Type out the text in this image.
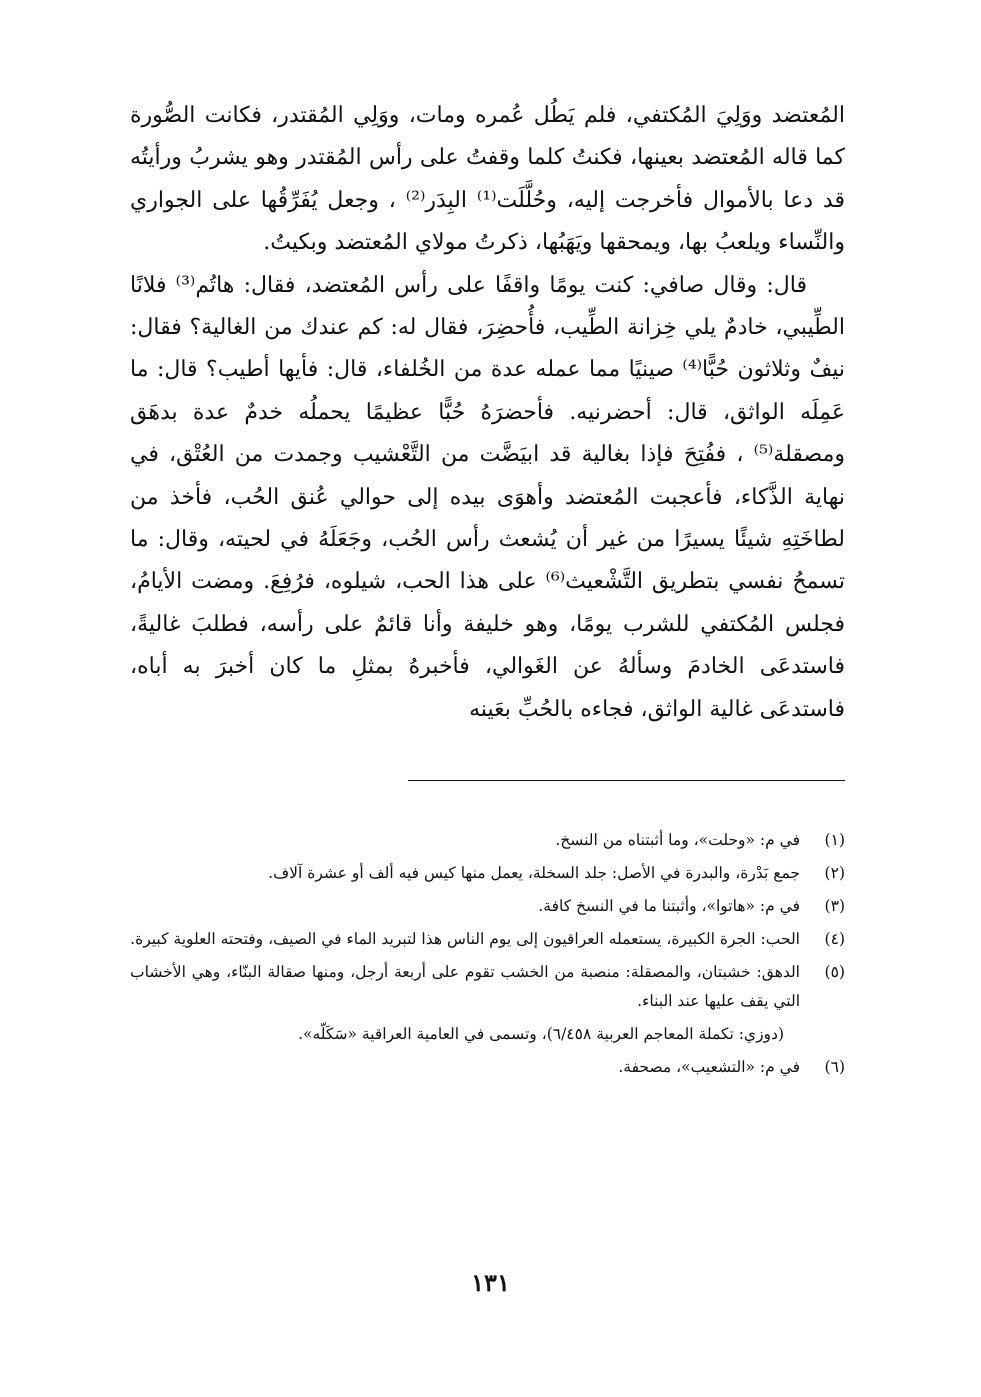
المُعتضد ووَلِيَ المُكتفي، فلم يَطُل عُمره ومات، ووَلِي المُقتدر، فكانت الصُّورة كما قاله المُعتضد بعينها، فكنتُ كلما وقفتُ على رأس المُقتدر وهو يشربُ ورأيتُه قد دعا بالأموال فأخرجت إليه، وحُلَّلَت⁽¹⁾ البِدَر⁽²⁾ ، وجعل يُفَرِّقُها على الجواري والنِّساء ويلعبُ بها، ويمحقها ويَهَبُها، ذكرتُ مولاي المُعتضد وبكيتُ.

قال: وقال صافي: كنت يومًا واقفًا على رأس المُعتضد، فقال: هاتُم⁽³⁾ فلانًا الطِّيبي، خادمٌ يلي خِزانة الطِّيب، فأُحضِرَ، فقال له: كم عندك من الغالية؟ فقال: نيفٌ وثلاثون حُبًّا⁽⁴⁾ صينيًا مما عمله عدة من الخُلفاء، قال: فأيها أطيب؟ قال: ما عَمِلَه الواثق، قال: أحضرنيه. فأحضرَهُ حُبًّا عظيمًا يحملُه خدمٌ عدة بدهَق ومصقلة⁽⁵⁾ ، ففُتِحَ فإذا بغالية قد ابيَضَّت من التَّعْشيب وجمدت من العُتْق، في نهاية الذَّكاء، فأعجبت المُعتضد وأهوَى بيده إلى حوالي عُنق الحُب، فأخذ من لطاخَتِهِ شيئًا يسيرًا من غير أن يُشعث رأس الحُب، وجَعَلَهُ في لحيته، وقال: ما تسمحُ نفسي بتطريق التَّشْعيث⁽⁶⁾ على هذا الحب، شيلوه، فرُفِعَ. ومضت الأيامُ، فجلس المُكتفي للشرب يومًا، وهو خليفة وأنا قائمٌ على رأسه، فطلبَ غاليةً، فاستدعَى الخادمَ وسألهُ عن الغَوالي، فأخبرهُ بمثلِ ما كان أخبرَ به أباه، فاستدعَى غالية الواثق، فجاءه بالحُبِّ بعَينه

(١)
في م: «وحلت»، وما أثبتناه من النسخ.
(٢)
جمع بَدْرة، والبدرة في الأصل: جلد السخلة، يعمل منها كيس فيه ألف أو عشرة آلاف.
(٣)
في م: «هاتوا»، وأثبتنا ما في النسخ كافة.
(٤)
الحب: الجرة الكبيرة، يستعمله العراقيون إلى يوم الناس هذا لتبريد الماء في الصيف، وفتحته العلوية كبيرة.
(٥)
الدهق: خشبتان، والمصقلة: منصبة من الخشب تقوم على أربعة أرجل، ومنها صقالة البنّاء، وهي الأخشاب التي يقف عليها عند البناء.
(دوزي: تكملة المعاجم العربية ٦/٤٥٨)، وتسمى في العامية العراقية «سَكَلّه».
(٦)
في م: «التشعيب»، مصحفة.
١٣١
